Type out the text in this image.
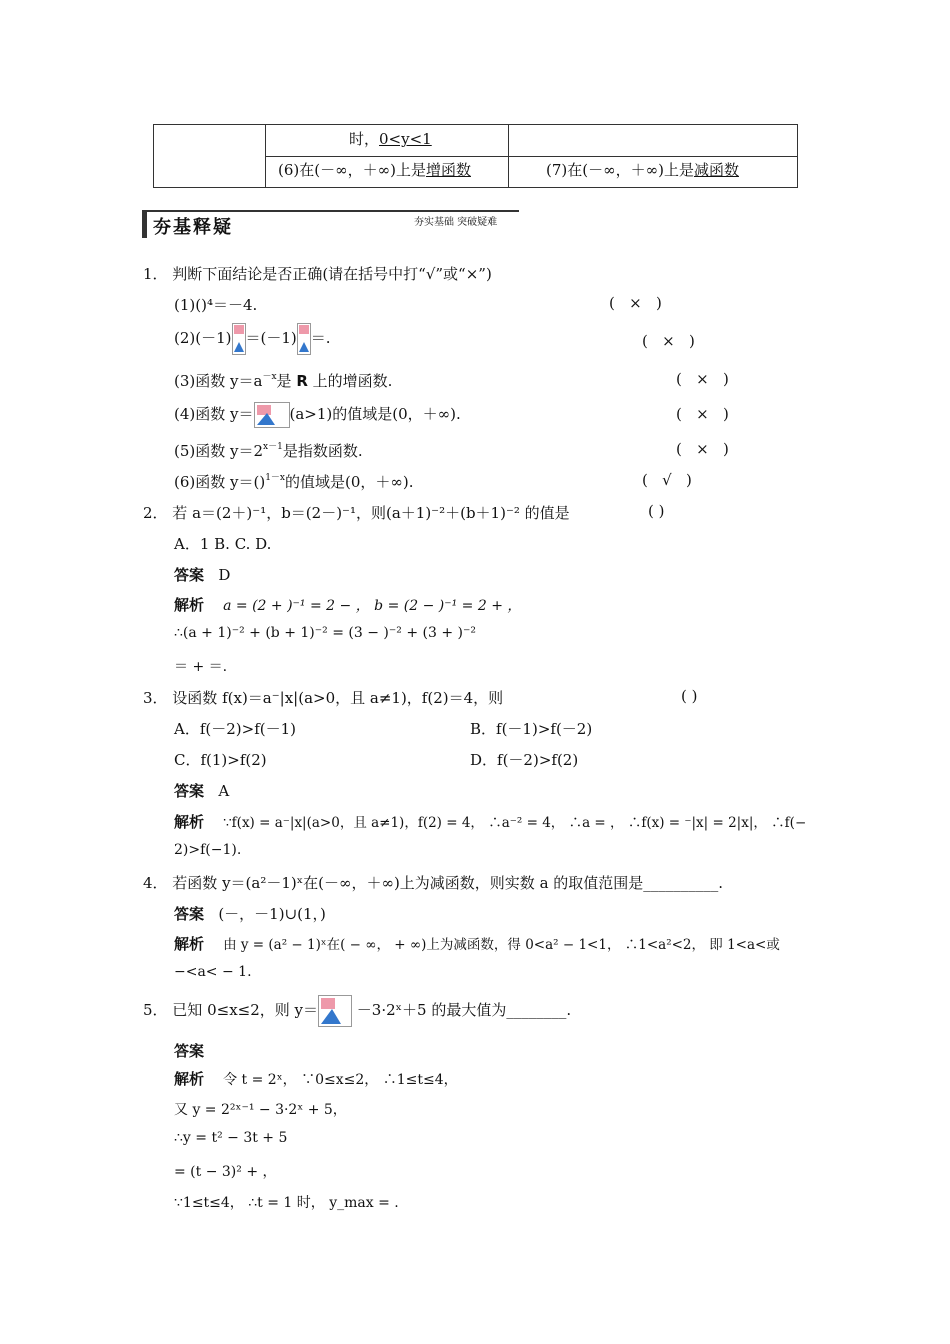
时，0<y<1
(6)在(－∞，＋∞)上是增函数	(7)在(－∞，＋∞)上是减函数
夯基释疑	夯实基础 突破疑难
1． 判断下面结论是否正确(请在括号中打“√”或“×”)
(1)()⁴＝－4.	(   ×   )
(2)(－1) ＝(－1) ＝.	(   ×   )
(3)函数 $y=a^{-x}$是 R 上的增函数.	(   ×   )
(4)函数 y＝ (a>1)的值域是(0，＋∞).	(   ×   )
(5)函数 $y=2^{x-1}$是指数函数.	(   ×   )
(6)函数 y＝()$^{1-x}$的值域是(0，＋∞).	(   √   )
2． 若 a＝(2＋)⁻¹，b＝(2－)⁻¹，则(a＋1)⁻²＋(b＋1)⁻² 的值是	( )
A．1 B. C. D.
答案 D
解析 a = (2 + )⁻¹ = 2 − ， b = (2 − )⁻¹ = 2 + ，
∴(a + 1)⁻² + (b + 1)⁻² = (3 − )⁻² + (3 + )⁻²
＝ + ＝.
3． 设函数 f(x)＝a⁻|x|(a>0，且 a≠1)，f(2)＝4，则	( )
A．f(－2)>f(－1)	B．f(－1)>f(－2)
C．f(1)>f(2)	D．f(－2)>f(2)
答案 A
解析 ∵f(x) = a⁻|x|(a>0，且 a≠1)，f(2) = 4， ∴a⁻² = 4， ∴a = ， ∴f(x) = ⁻|x| = 2|x|， ∴f(−
2)>f(−1).
4． 若函数 y＝(a²－1)ˣ在(－∞，＋∞)上为减函数，则实数 a 的取值范围是__________.
答案 (－，－1)∪(1，)
解析 由 y = (a² − 1)ˣ在( − ∞， + ∞)上为减函数，得 0<a² − 1<1， ∴1<a²<2， 即 1<a<或
−<a< − 1.
5． 已知 0≤x≤2，则 y＝	－3·2ˣ＋5 的最大值为________.
答案
解析 令 t = 2ˣ， ∵0≤x≤2， ∴1≤t≤4，
又 y = 2²ˣ⁻¹ − 3·2ˣ + 5，
∴y = t² − 3t + 5
= (t − 3)² + ，
∵1≤t≤4， ∴t = 1 时， y_max = .
